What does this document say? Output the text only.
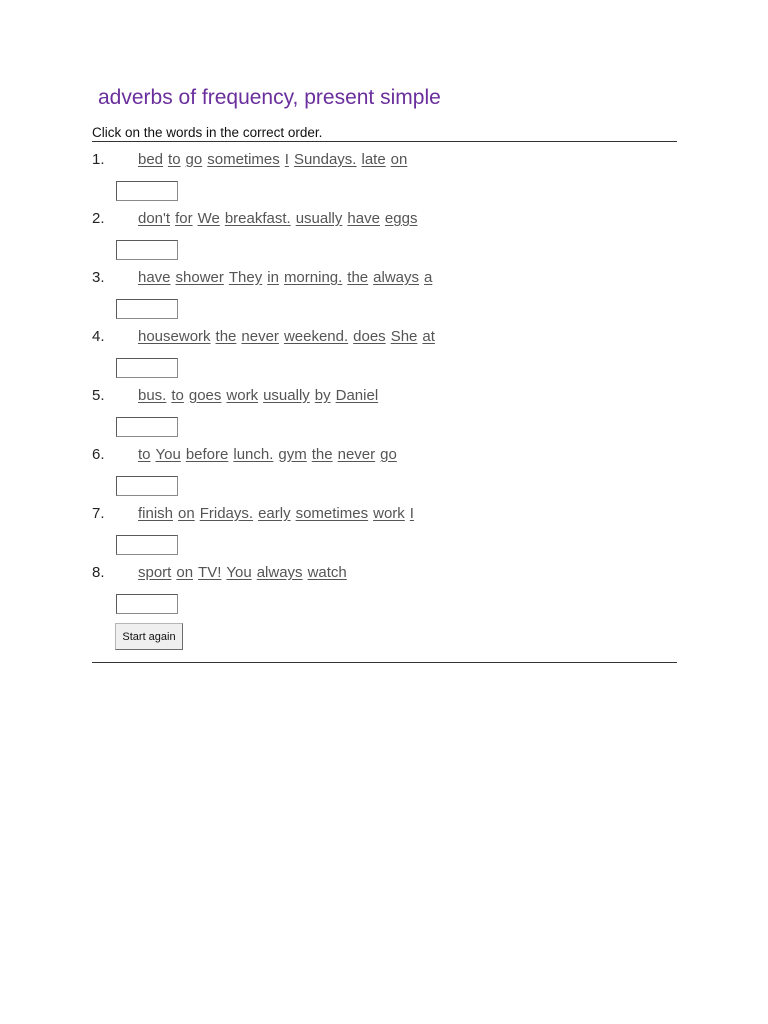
adverbs of frequency, present simple
Click on the words in the correct order.
1. bed to go sometimes I Sundays. late on
2. don't for We breakfast. usually have eggs
3. have shower They in morning. the always a
4. housework the never weekend. does She at
5. bus. to goes work usually by Daniel
6. to You before lunch. gym the never go
7. finish on Fridays. early sometimes work I
8. sport on TV! You always watch
Start again
